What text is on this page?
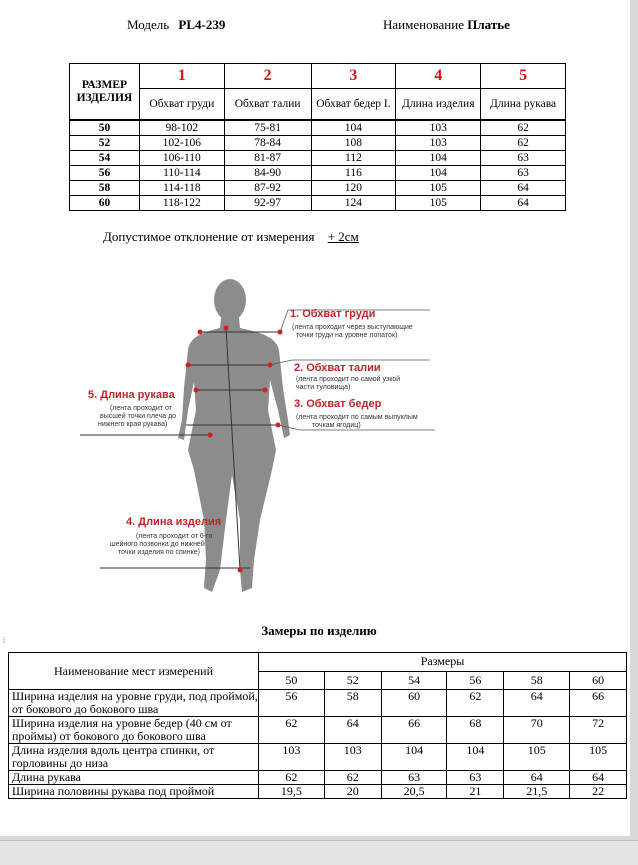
Модель PL4-239	Наименование Платье
РАЗМЕР ИЗДЕЛИЯ	1	2	3	4	5
	Обхват груди	Обхват талии	Обхват бедер I.	Длина изделия	Длина рукава
50	98-102	75-81	104	103	62
52	102-106	78-84	108	103	62
54	106-110	81-87	112	104	63
56	110-114	84-90	116	104	63
58	114-118	87-92	120	105	64
60	118-122	92-97	124	105	64
Допустимое отклонение от измерения + 2см
1. Обхват груди
(лента проходит через выступающие
точки груди на уровне лопаток)
2. Обхват талии
(лента проходит по самой узкой
части туловища)
3. Обхват бедер
(лента проходит по самым выпуклым
точкам ягодиц)
4. Длина изделия
(лента проходит от 6-го
шейного позвонка до нижней
точки изделия по спинке)
5. Длина рукава
(лента проходит от
высшей точки плеча до
нижнего края рукава)
⁞
Замеры по изделию
Наименование мест измерений	Размеры					
	50	52	54	56	58	60
Ширина изделия на уровне груди, под проймой, от бокового до бокового шва	56	58	60	62	64	66
Ширина изделия на уровне бедер (40 см от проймы) от бокового до бокового шва	62	64	66	68	70	72
Длина изделия вдоль центра спинки, от горловины до низа	103	103	104	104	105	105
Длина рукава	62	62	63	63	64	64
Ширина половины рукава под проймой	19,5	20	20,5	21	21,5	22
